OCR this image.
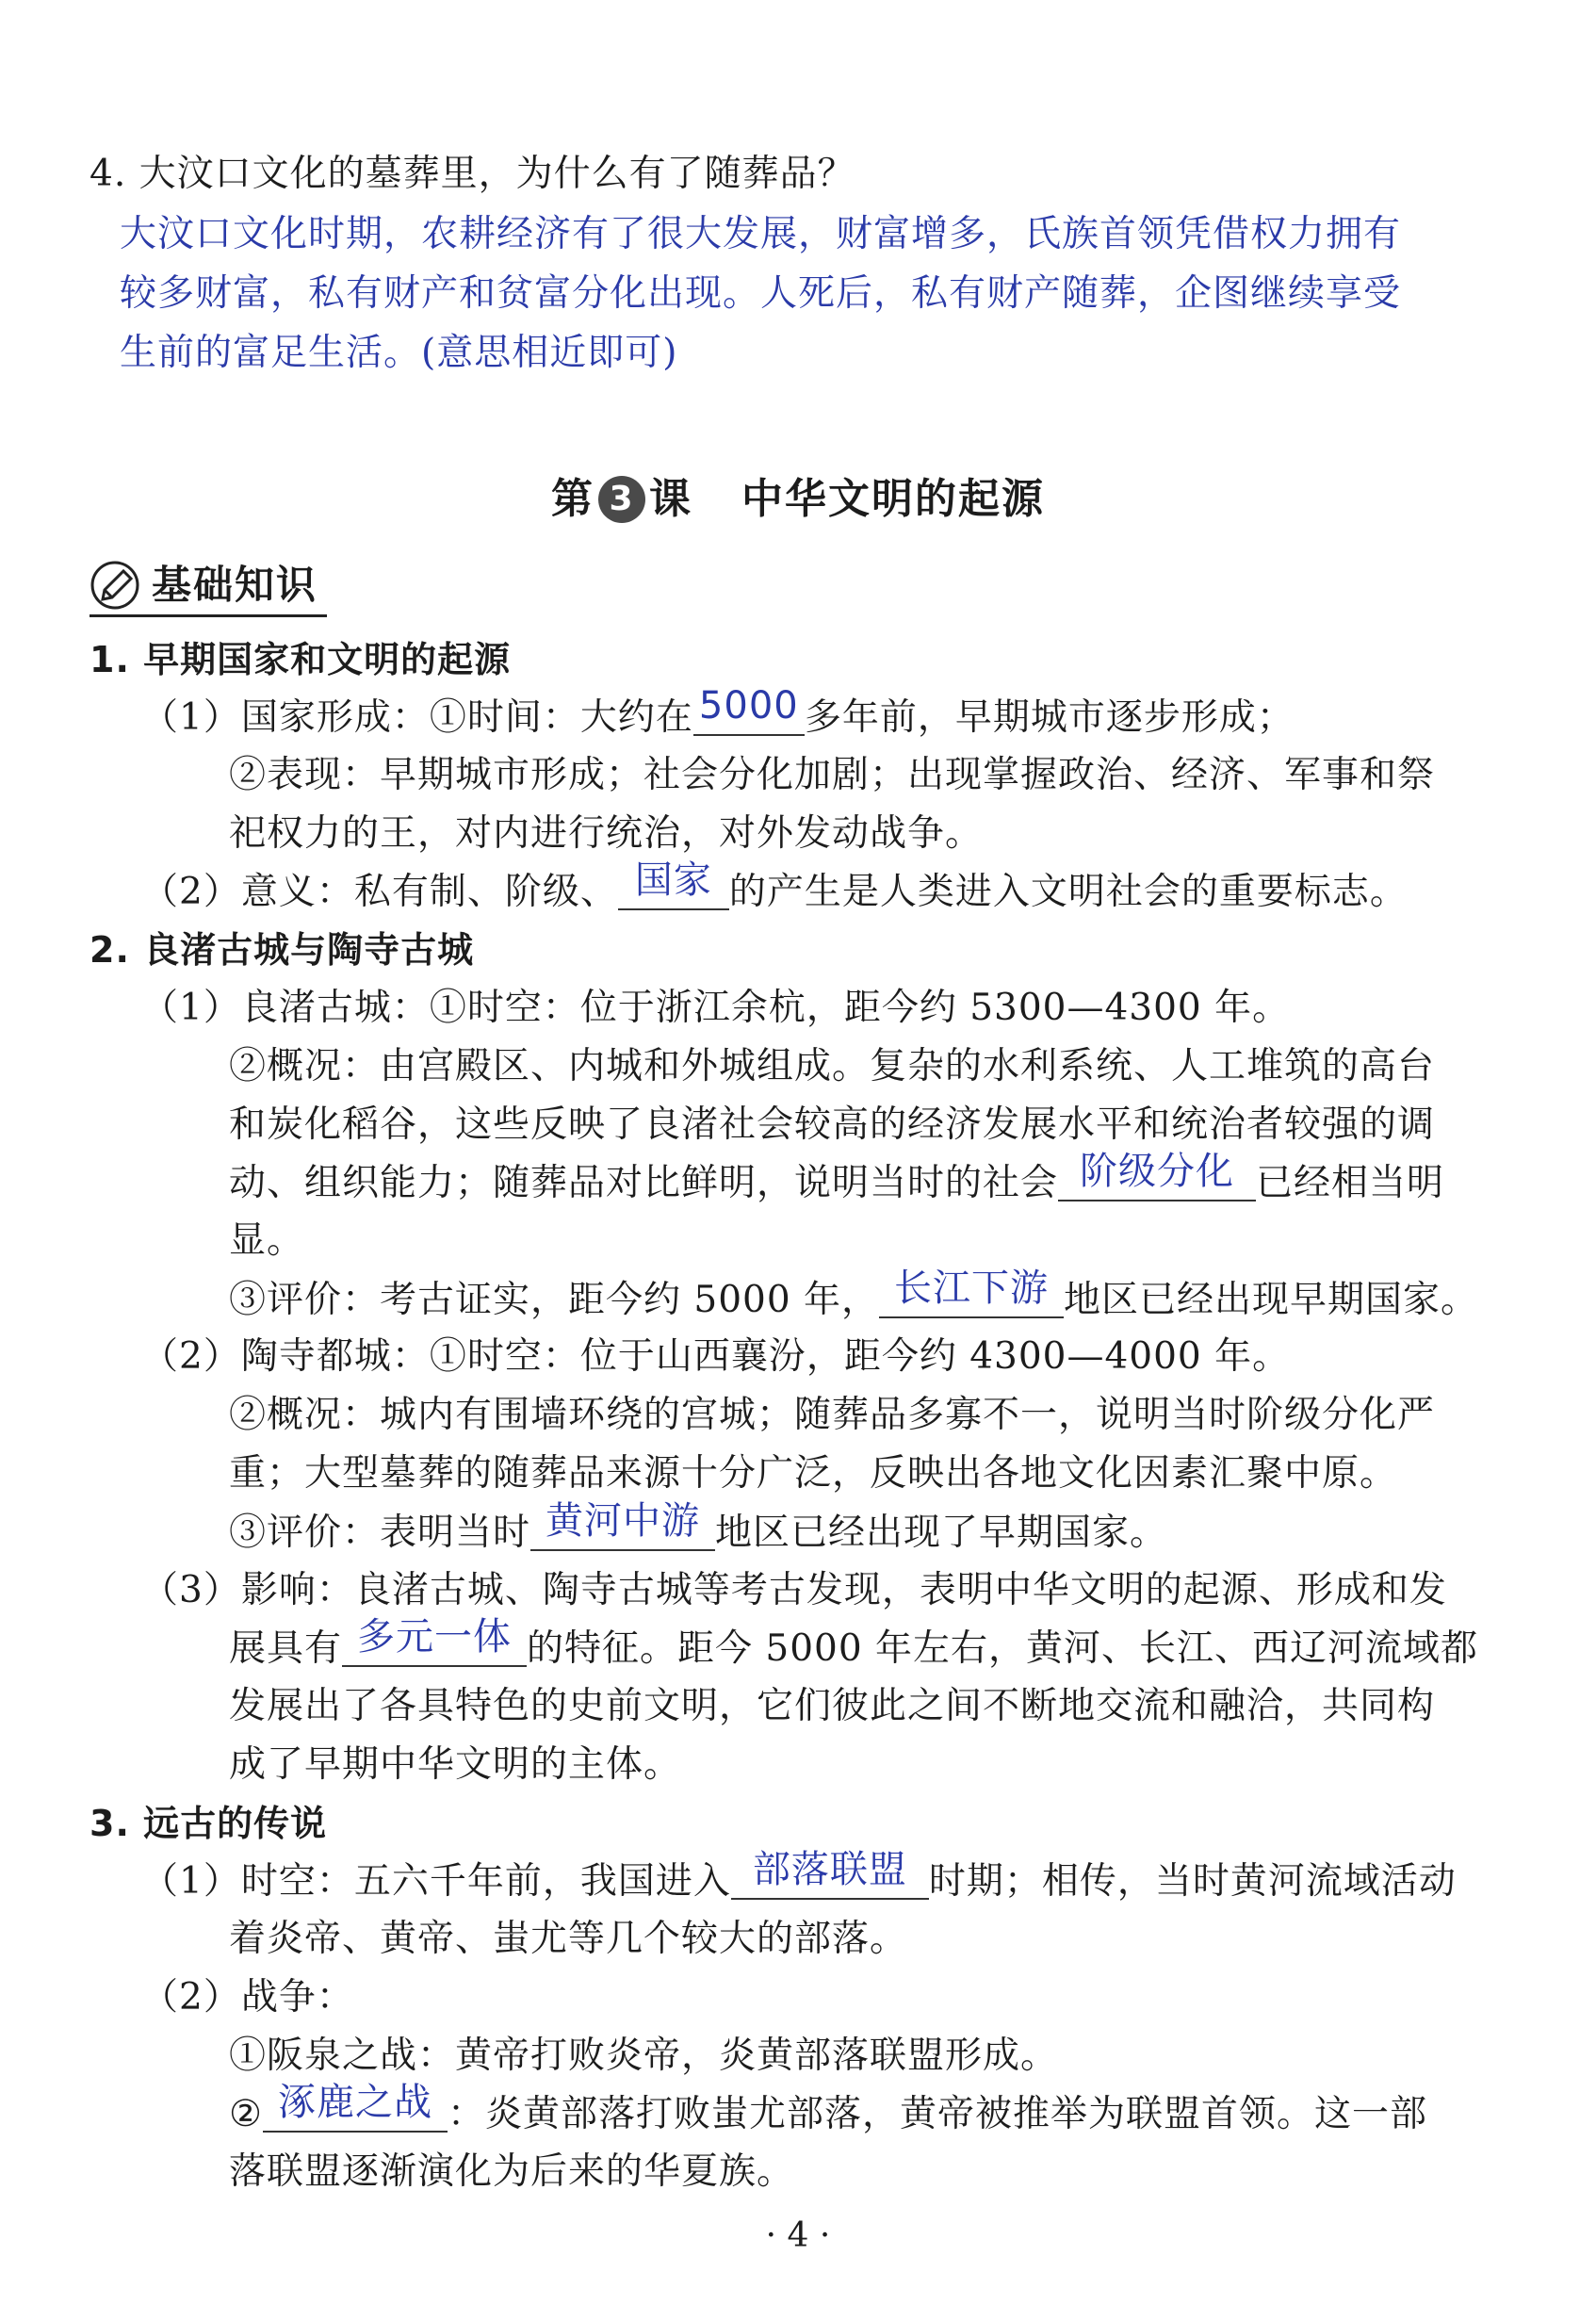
4. 大汶口文化的墓葬里，为什么有了随葬品？
大汶口文化时期，农耕经济有了很大发展，财富增多，氏族首领凭借权力拥有
较多财富，私有财产和贫富分化出现。人死后，私有财产随葬，企图继续享受
生前的富足生活。(意思相近即可)
第 3 课 中华文明的起源
基础知识
1. 早期国家和文明的起源
（1）国家形成：①时间：大约在 5000 多年前，早期城市逐步形成；
②表现：早期城市形成；社会分化加剧；出现掌握政治、经济、军事和祭
祀权力的王，对内进行统治，对外发动战争。
（2）意义：私有制、阶级、 国家 的产生是人类进入文明社会的重要标志。
2. 良渚古城与陶寺古城
（1）良渚古城：①时空：位于浙江余杭，距今约 5300—4300 年。
②概况：由宫殿区、内城和外城组成。复杂的水利系统、人工堆筑的高台
和炭化稻谷，这些反映了良渚社会较高的经济发展水平和统治者较强的调
动、组织能力；随葬品对比鲜明，说明当时的社会 阶级分化 已经相当明
显。
③评价：考古证实，距今约 5000 年， 长江下游 地区已经出现早期国家。
（2）陶寺都城：①时空：位于山西襄汾，距今约 4300—4000 年。
②概况：城内有围墙环绕的宫城；随葬品多寡不一，说明当时阶级分化严
重；大型墓葬的随葬品来源十分广泛，反映出各地文化因素汇聚中原。
③评价：表明当时 黄河中游 地区已经出现了早期国家。
（3）影响：良渚古城、陶寺古城等考古发现，表明中华文明的起源、形成和发
展具有 多元一体 的特征。距今 5000 年左右，黄河、长江、西辽河流域都
发展出了各具特色的史前文明，它们彼此之间不断地交流和融洽，共同构
成了早期中华文明的主体。
3. 远古的传说
（1）时空：五六千年前，我国进入 部落联盟 时期；相传，当时黄河流域活动
着炎帝、黄帝、蚩尤等几个较大的部落。
（2）战争：
①阪泉之战：黄帝打败炎帝，炎黄部落联盟形成。
② 涿鹿之战 ：炎黄部落打败蚩尤部落，黄帝被推举为联盟首领。这一部
落联盟逐渐演化为后来的华夏族。
· 4 ·
